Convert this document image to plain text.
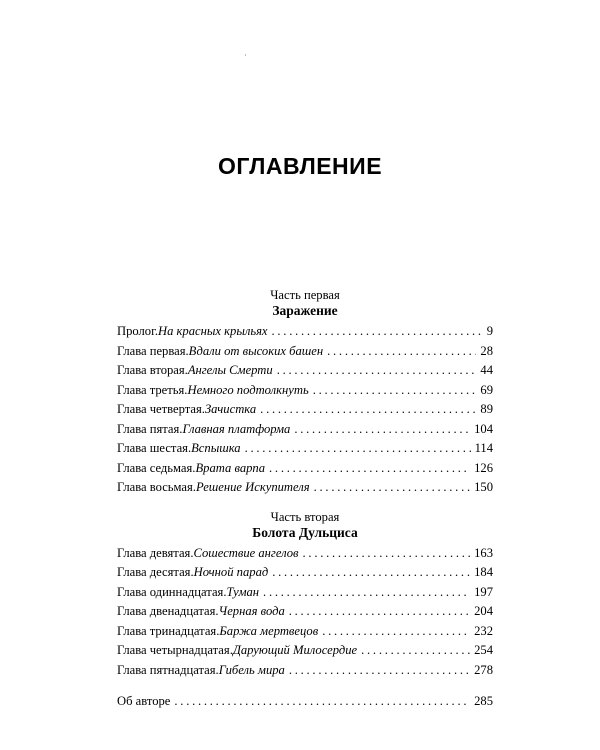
ОГЛАВЛЕНИЕ
Часть первая
Заражение
Пролог. На красных крыльях . . .	9
Глава первая. Вдали от высоких башен . . .	28
Глава вторая. Ангелы Смерти . . .	44
Глава третья. Немного подтолкнуть . . .	69
Глава четвертая. Зачистка . . .	89
Глава пятая. Главная платформа . . .	104
Глава шестая. Вспышка . . .	114
Глава седьмая. Врата варпа . . .	126
Глава восьмая. Решение Искупителя . . .	150
Часть вторая
Болота Дульциса
Глава девятая. Сошествие ангелов . . .	163
Глава десятая. Ночной парад . . .	184
Глава одиннадцатая. Туман . . .	197
Глава двенадцатая. Черная вода . . .	204
Глава тринадцатая. Баржа мертвецов . . .	232
Глава четырнадцатая. Дарующий Милосердие . . .	254
Глава пятнадцатая. Гибель мира . . .	278
Об авторе . . .	285
